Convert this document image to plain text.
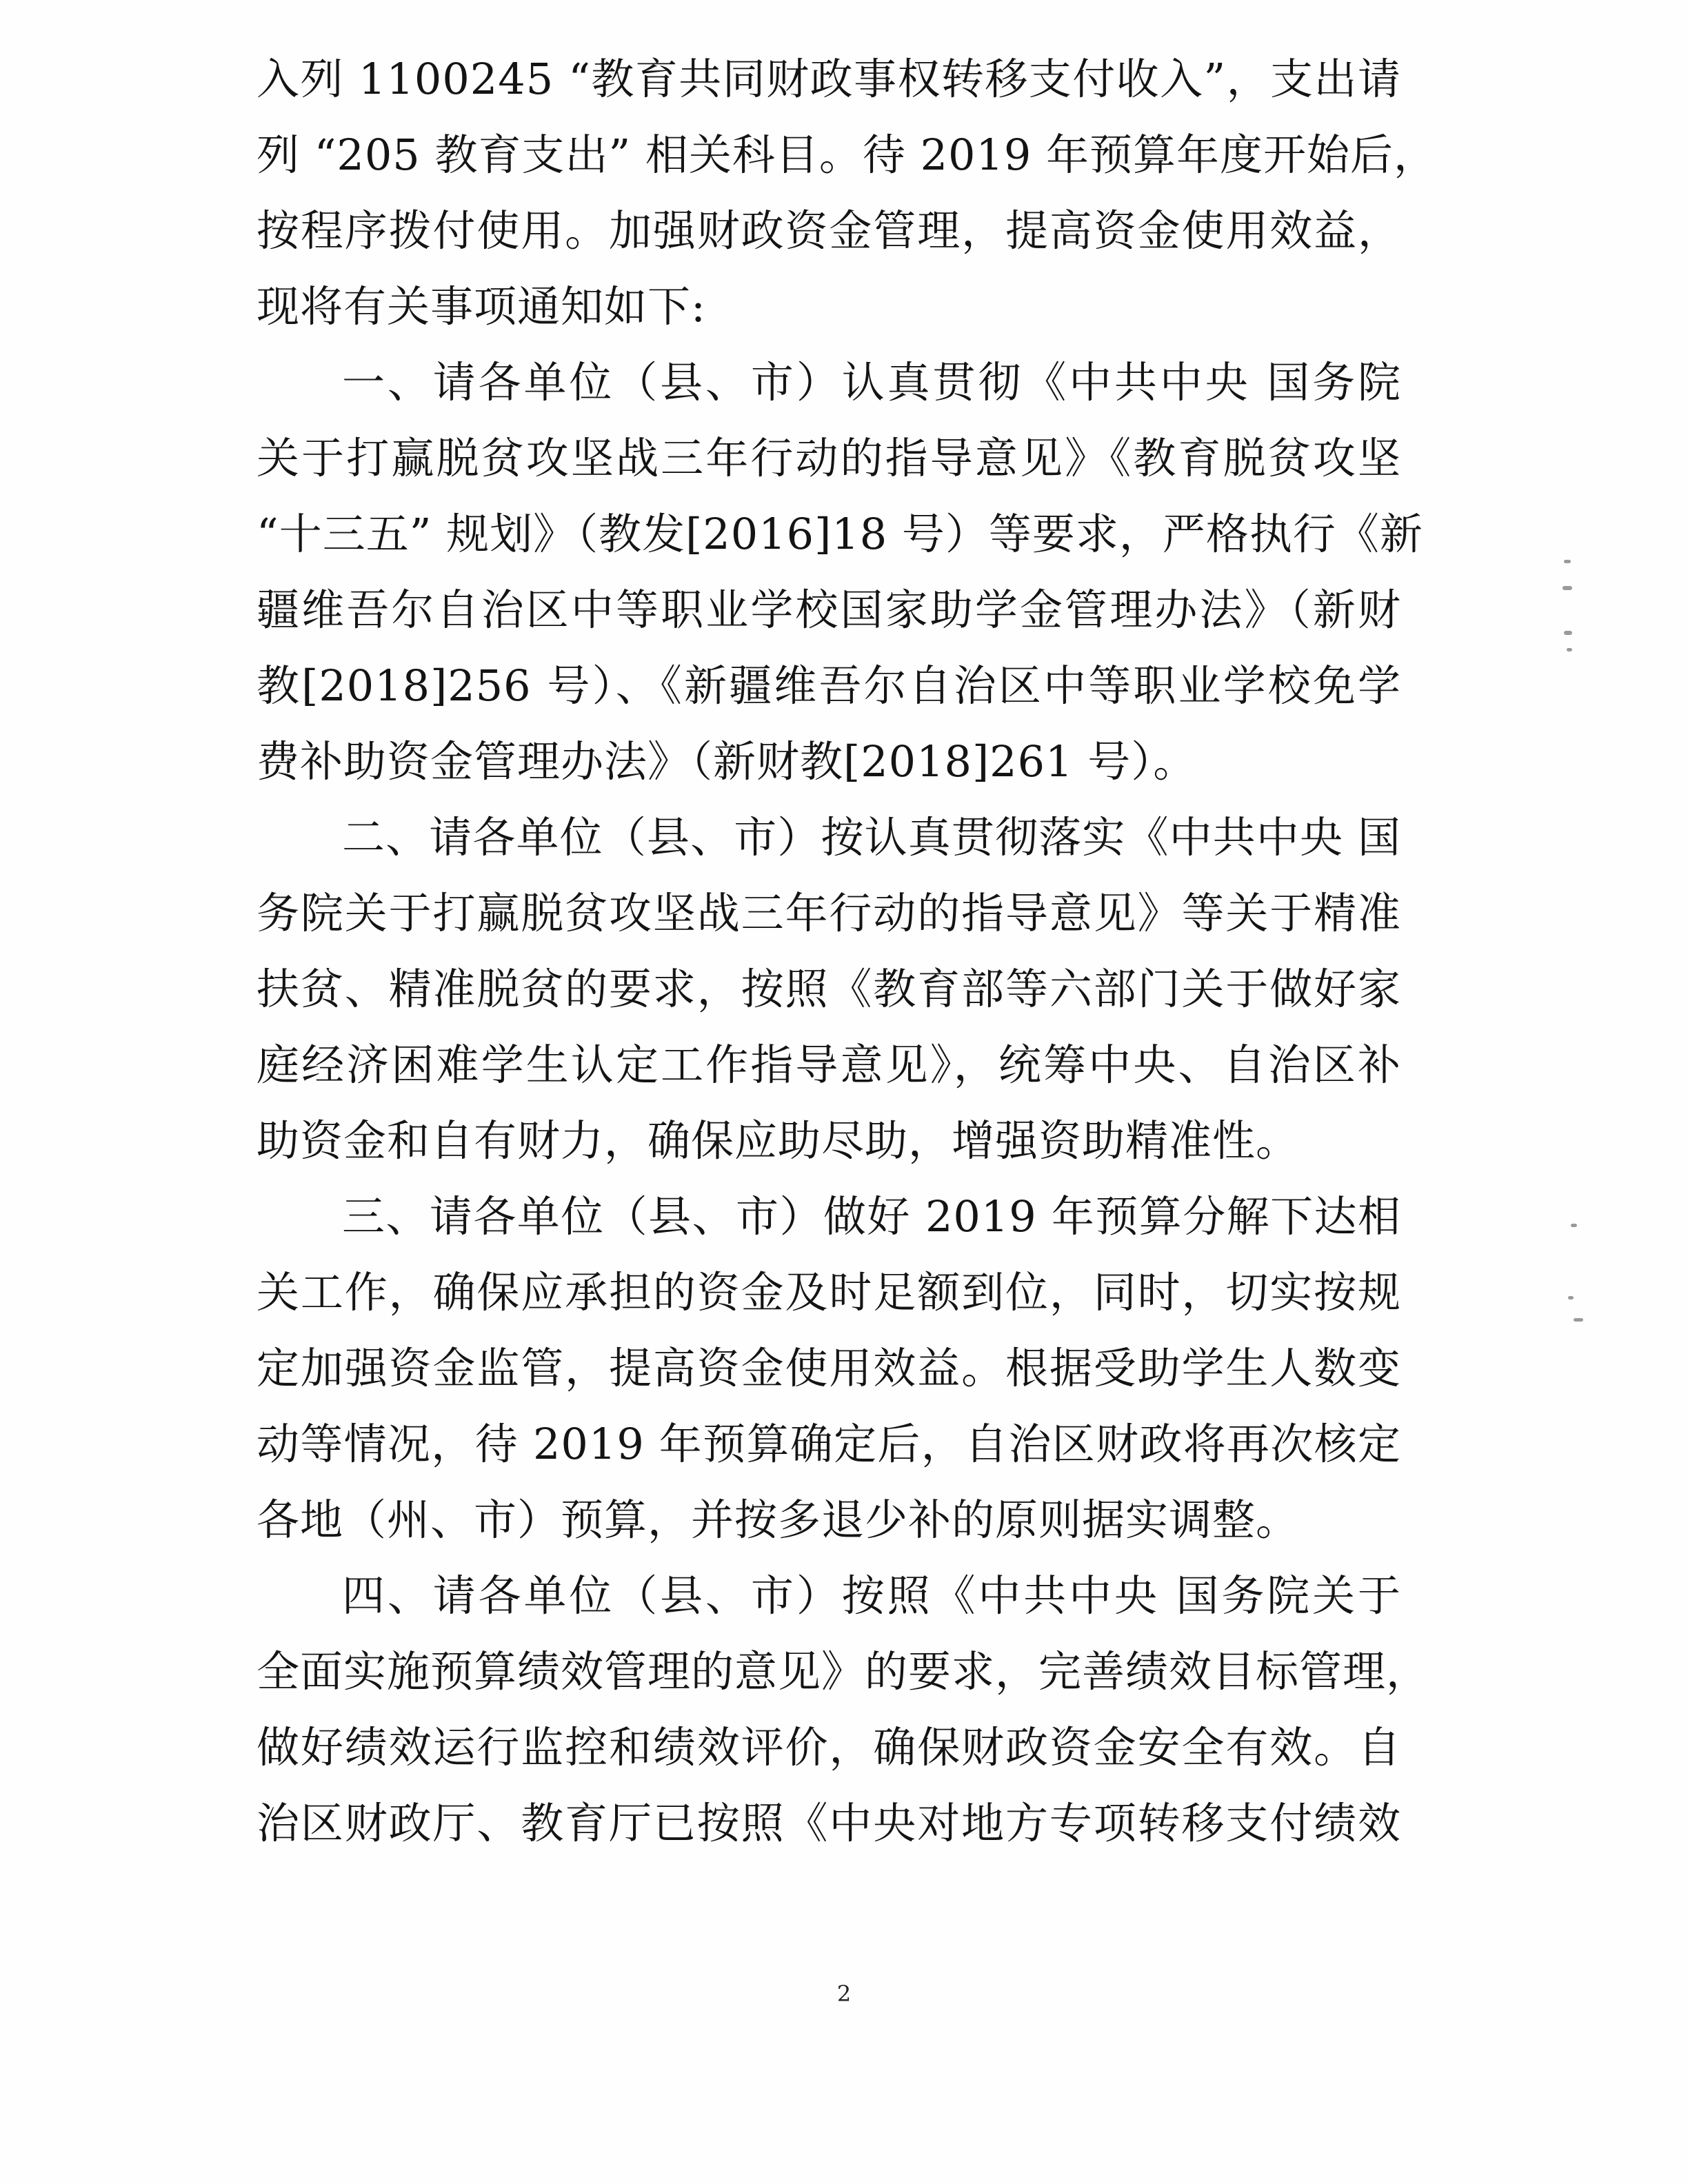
入列 1100245 “教育共同财政事权转移支付收入”，支出请
列 “205 教育支出” 相关科目。待 2019 年预算年度开始后，
按程序拨付使用。加强财政资金管理，提高资金使用效益，
现将有关事项通知如下:
一、请各单位（县、市）认真贯彻《中共中央 国务院
关于打赢脱贫攻坚战三年行动的指导意见》《教育脱贫攻坚
“十三五” 规划》（教发[2016]18 号）等要求，严格执行《新
疆维吾尔自治区中等职业学校国家助学金管理办法》（新财
教[2018]256 号）、《新疆维吾尔自治区中等职业学校免学
费补助资金管理办法》（新财教[2018]261 号）。
二、请各单位（县、市）按认真贯彻落实《中共中央 国
务院关于打赢脱贫攻坚战三年行动的指导意见》等关于精准
扶贫、精准脱贫的要求，按照《教育部等六部门关于做好家
庭经济困难学生认定工作指导意见》，统筹中央、自治区补
助资金和自有财力，确保应助尽助，增强资助精准性。
三、请各单位（县、市）做好 2019 年预算分解下达相
关工作，确保应承担的资金及时足额到位，同时，切实按规
定加强资金监管，提高资金使用效益。根据受助学生人数变
动等情况，待 2019 年预算确定后，自治区财政将再次核定
各地（州、市）预算，并按多退少补的原则据实调整。
四、请各单位（县、市）按照《中共中央 国务院关于
全面实施预算绩效管理的意见》的要求，完善绩效目标管理，
做好绩效运行监控和绩效评价，确保财政资金安全有效。自
治区财政厅、教育厅已按照《中央对地方专项转移支付绩效
2
